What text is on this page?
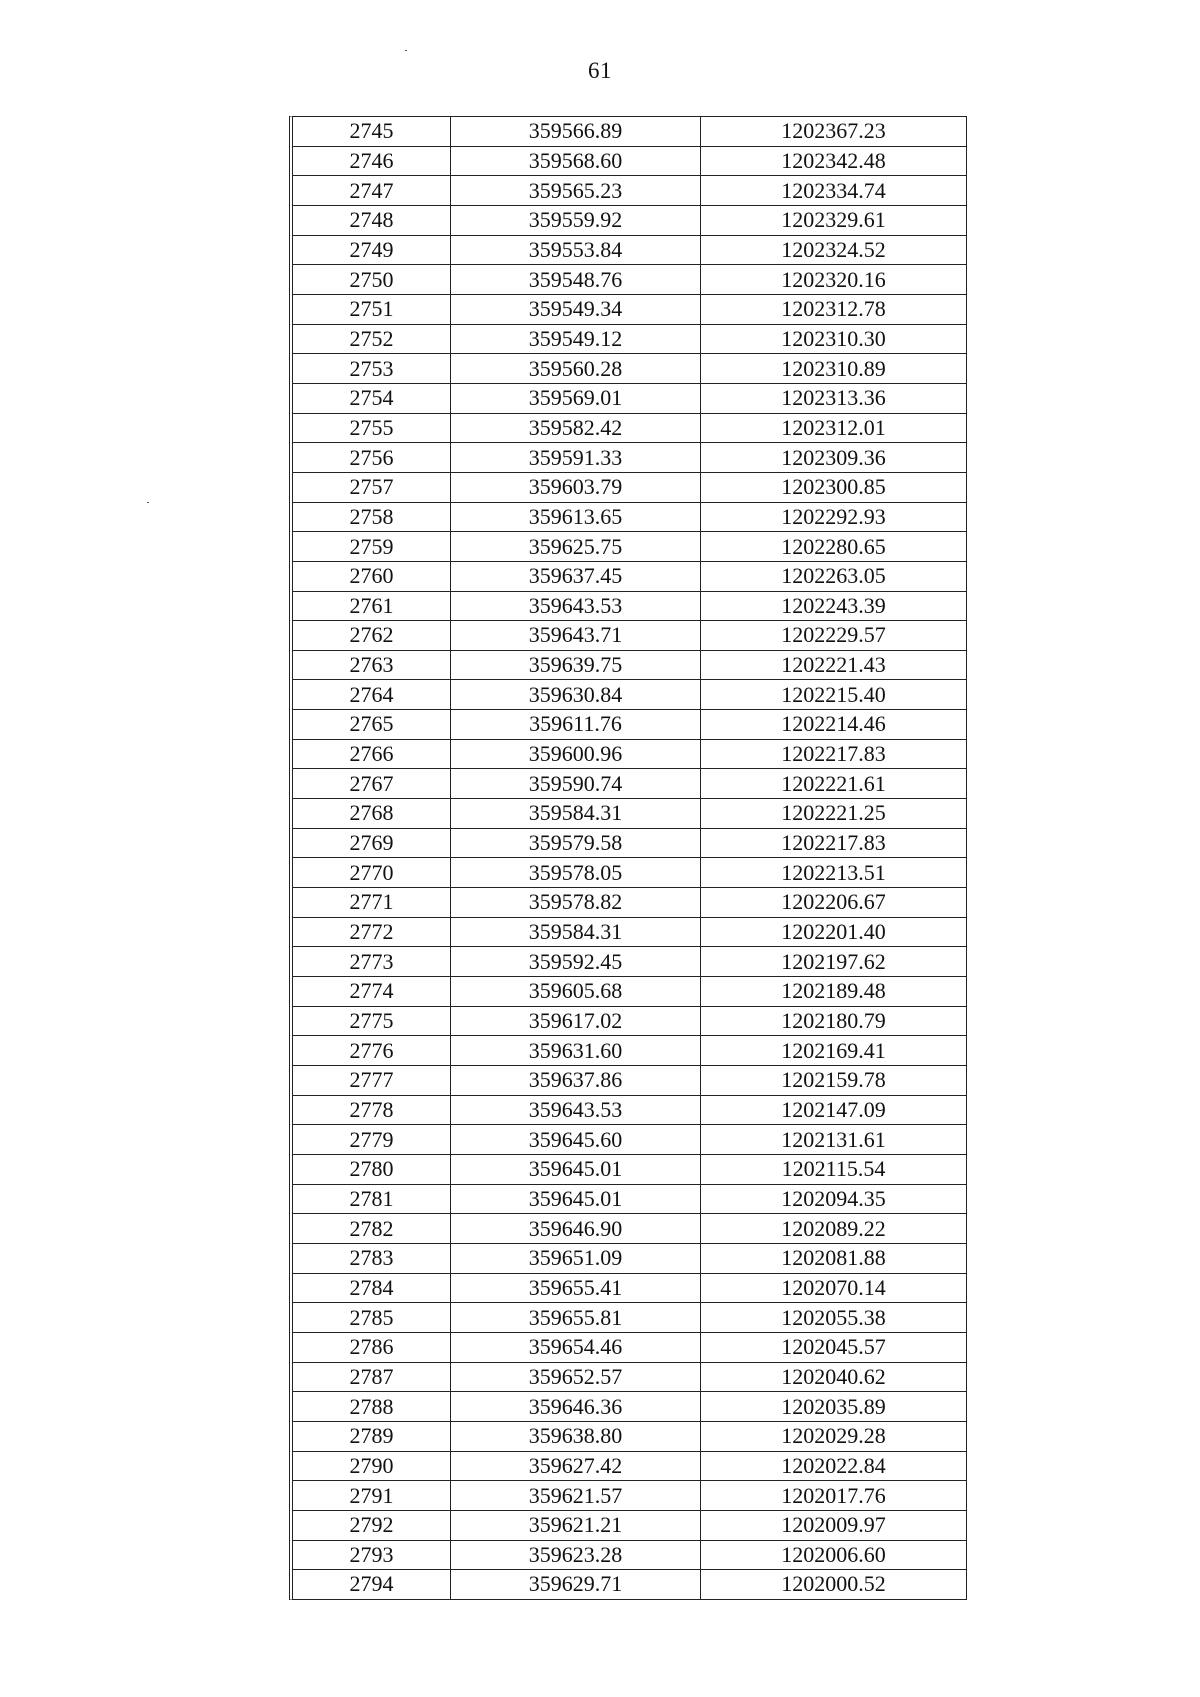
61
2745	359566.89	1202367.23
2746	359568.60	1202342.48
2747	359565.23	1202334.74
2748	359559.92	1202329.61
2749	359553.84	1202324.52
2750	359548.76	1202320.16
2751	359549.34	1202312.78
2752	359549.12	1202310.30
2753	359560.28	1202310.89
2754	359569.01	1202313.36
2755	359582.42	1202312.01
2756	359591.33	1202309.36
2757	359603.79	1202300.85
2758	359613.65	1202292.93
2759	359625.75	1202280.65
2760	359637.45	1202263.05
2761	359643.53	1202243.39
2762	359643.71	1202229.57
2763	359639.75	1202221.43
2764	359630.84	1202215.40
2765	359611.76	1202214.46
2766	359600.96	1202217.83
2767	359590.74	1202221.61
2768	359584.31	1202221.25
2769	359579.58	1202217.83
2770	359578.05	1202213.51
2771	359578.82	1202206.67
2772	359584.31	1202201.40
2773	359592.45	1202197.62
2774	359605.68	1202189.48
2775	359617.02	1202180.79
2776	359631.60	1202169.41
2777	359637.86	1202159.78
2778	359643.53	1202147.09
2779	359645.60	1202131.61
2780	359645.01	1202115.54
2781	359645.01	1202094.35
2782	359646.90	1202089.22
2783	359651.09	1202081.88
2784	359655.41	1202070.14
2785	359655.81	1202055.38
2786	359654.46	1202045.57
2787	359652.57	1202040.62
2788	359646.36	1202035.89
2789	359638.80	1202029.28
2790	359627.42	1202022.84
2791	359621.57	1202017.76
2792	359621.21	1202009.97
2793	359623.28	1202006.60
2794	359629.71	1202000.52
